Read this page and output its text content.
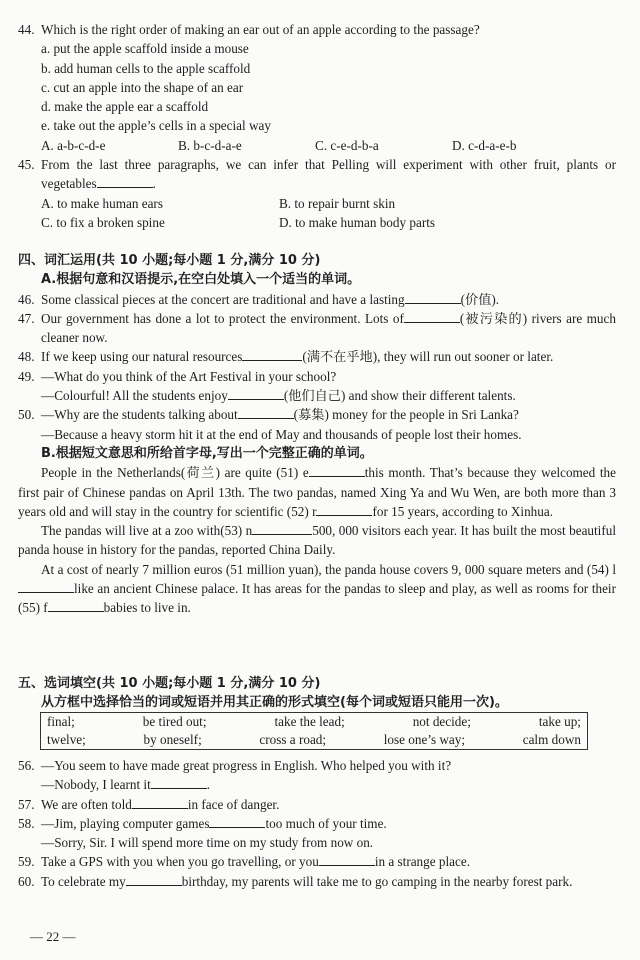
44. Which is the right order of making an ear out of an apple according to the passage?
a. put the apple scaffold inside a mouse
b. add human cells to the apple scaffold
c. cut an apple into the shape of an ear
d. make the apple ear a scaffold
e. take out the apple’s cells in a special way
A. a-b-c-d-e	B. b-c-d-a-e	C. c-e-d-b-a	D. c-d-a-e-b
45. From the last three paragraphs, we can infer that Pelling will experiment with other fruit, plants or vegetables	.
A. to make human ears	B. to repair burnt skin
C. to fix a broken spine	D. to make human body parts
四、词汇运用(共 10 小题;每小题 1 分,满分 10 分)
A.根据句意和汉语提示,在空白处填入一个适当的单词。
46. Some classical pieces at the concert are traditional and have a lasting	(价值).
47. Our government has done a lot to protect the environment. Lots of	(被污染的) rivers are much cleaner now.
48. If we keep using our natural resources	(满不在乎地), they will run out sooner or later.
49. —What do you think of the Art Festival in your school?
—Colourful! All the students enjoy	(他们自己) and show their different talents.
50. —Why are the students talking about	(募集) money for the people in Sri Lanka?
—Because a heavy storm hit it at the end of May and thousands of people lost their homes.
B.根据短文意思和所给首字母,写出一个完整正确的单词。
People in the Netherlands(荷兰) are quite (51) e	this month. That’s because they welcomed the first pair of Chinese pandas on April 13th. The two pandas, named Xing Ya and Wu Wen, are both more than 3 years old and will stay in the country for scientific (52) r	for 15 years, according to Xinhua.
The pandas will live at a zoo with(53) n	500, 000 visitors each year. It has built the most beautiful panda house in history for the pandas, reported China Daily.
At a cost of nearly 7 million euros (51 million yuan), the panda house covers 9, 000 square meters and (54) llike an ancient Chinese palace. It has areas for the pandas to sleep and play, as well as rooms for their (55) f	babies to live in.
五、选词填空(共 10 小题;每小题 1 分,满分 10 分)
从方框中选择恰当的词或短语并用其正确的形式填空(每个词或短语只能用一次)。
final;	be tired out;	take the lead;	not decide;	take up;
twelve;	by oneself;	cross a road;	lose one’s way;	calm down
56. —You seem to have made great progress in English. Who helped you with it?
—Nobody, I learnt it	.
57. We are often told	in face of danger.
58. —Jim, playing computer games	too much of your time.
—Sorry, Sir. I will spend more time on my study from now on.
59. Take a GPS with you when you go travelling, or you	in a strange place.
60. To celebrate my	birthday, my parents will take me to go camping in the nearby forest park.
— 22 —
